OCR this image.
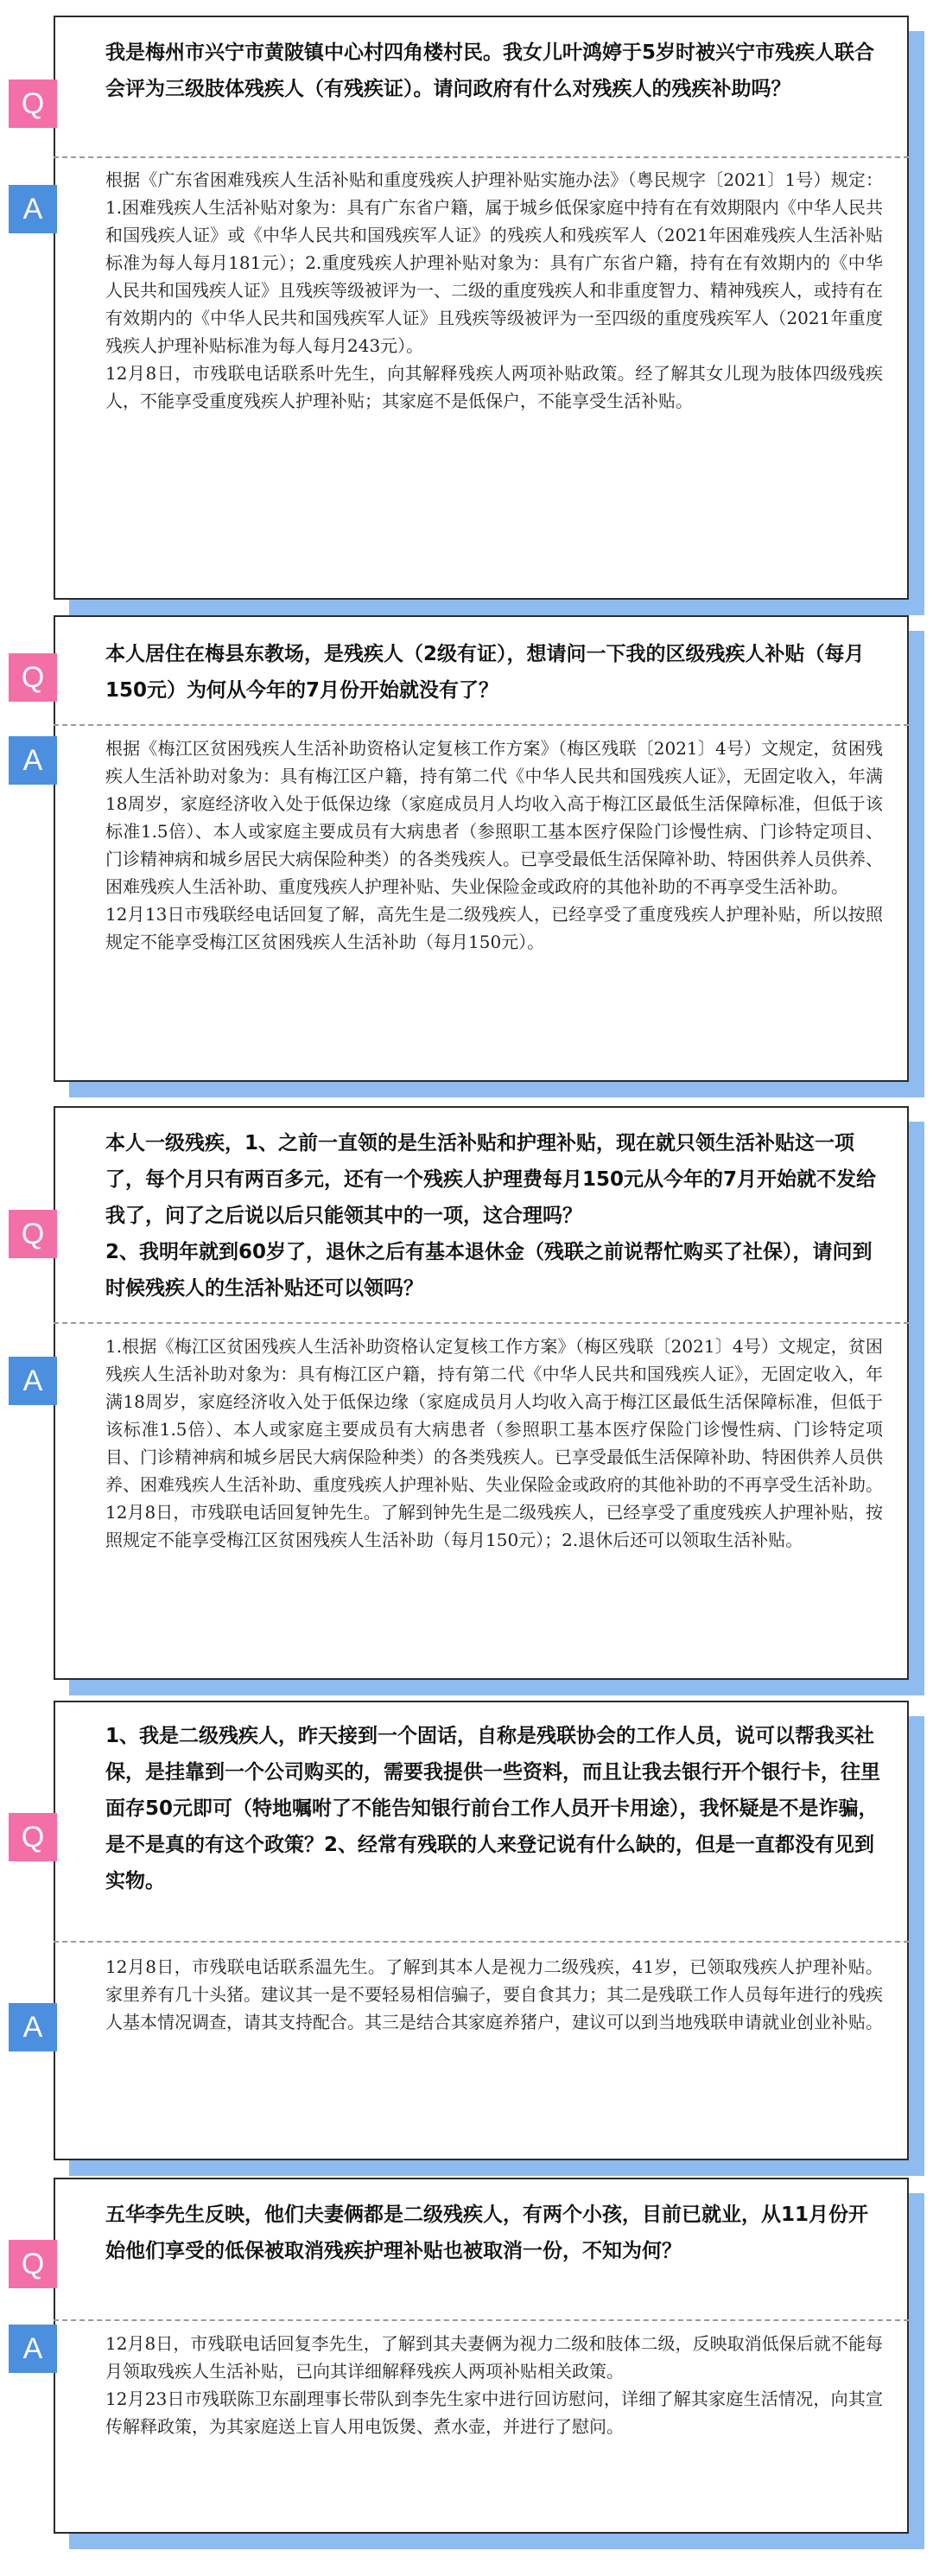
Q
我是梅州市兴宁市黄陂镇中心村四角楼村民。我女儿叶鸿婷于5岁时被兴宁市残疾人联合会评为三级肢体残疾人（有残疾证）。请问政府有什么对残疾人的残疾补助吗？
A

根据《广东省困难残疾人生活补贴和重度残疾人护理补贴实施办法》（粤民规字〔2021〕1号）规定：1.困难残疾人生活补贴对象为：具有广东省户籍，属于城乡低保家庭中持有在有效期限内《中华人民共和国残疾人证》或《中华人民共和国残疾军人证》的残疾人和残疾军人（2021年困难残疾人生活补贴标准为每人每月181元）；2.重度残疾人护理补贴对象为：具有广东省户籍，持有在有效期内的《中华人民共和国残疾人证》且残疾等级被评为一、二级的重度残疾人和非重度智力、精神残疾人，或持有在有效期内的《中华人民共和国残疾军人证》且残疾等级被评为一至四级的重度残疾军人（2021年重度残疾人护理补贴标准为每人每月243元）。

12月8日，市残联电话联系叶先生，向其解释残疾人两项补贴政策。经了解其女儿现为肢体四级残疾人，不能享受重度残疾人护理补贴；其家庭不是低保户，不能享受生活补贴。

Q
本人居住在梅县东教场，是残疾人（2级有证），想请问一下我的区级残疾人补贴（每月150元）为何从今年的7月份开始就没有了？
A	根据《梅江区贫困残疾人生活补助资格认定复核工作方案》（梅区残联〔2021〕4号）文规定，贫困残疾人生活补助对象为：具有梅江区户籍，持有第二代《中华人民共和国残疾人证》，无固定收入，年满18周岁，家庭经济收入处于低保边缘（家庭成员月人均收入高于梅江区最低生活保障标准，但低于该标准1.5倍）、本人或家庭主要成员有大病患者（参照职工基本医疗保险门诊慢性病、门诊特定项目、门诊精神病和城乡居民大病保险种类）的各类残疾人。已享受最低生活保障补助、特困供养人员供养、困难残疾人生活补助、重度残疾人护理补贴、失业保险金或政府的其他补助的不再享受生活补助。

12月13日市残联经电话回复了解，高先生是二级残疾人，已经享受了重度残疾人护理补贴，所以按照规定不能享受梅江区贫困残疾人生活补助（每月150元）。

Q
本人一级残疾，1、之前一直领的是生活补贴和护理补贴，现在就只领生活补贴这一项了，每个月只有两百多元，还有一个残疾人护理费每月150元从今年的7月开始就不发给我了，问了之后说以后只能领其中的一项，这合理吗？
2、我明年就到60岁了，退休之后有基本退休金（残联之前说帮忙购买了社保），请问到时候残疾人的生活补贴还可以领吗？
A

1.根据《梅江区贫困残疾人生活补助资格认定复核工作方案》（梅区残联〔2021〕4号）文规定，贫困残疾人生活补助对象为：具有梅江区户籍，持有第二代《中华人民共和国残疾人证》，无固定收入，年满18周岁，家庭经济收入处于低保边缘（家庭成员月人均收入高于梅江区最低生活保障标准，但低于该标准1.5倍）、本人或家庭主要成员有大病患者（参照职工基本医疗保险门诊慢性病、门诊特定项目、门诊精神病和城乡居民大病保险种类）的各类残疾人。已享受最低生活保障补助、特困供养人员供养、困难残疾人生活补助、重度残疾人护理补贴、失业保险金或政府的其他补助的不再享受生活补助。

12月8日，市残联电话回复钟先生。了解到钟先生是二级残疾人，已经享受了重度残疾人护理补贴，按照规定不能享受梅江区贫困残疾人生活补助（每月150元）；2.退休后还可以领取生活补贴。

Q
1、我是二级残疾人，昨天接到一个固话，自称是残联协会的工作人员，说可以帮我买社保，是挂靠到一个公司购买的，需要我提供一些资料，而且让我去银行开个银行卡，往里面存50元即可（特地嘱咐了不能告知银行前台工作人员开卡用途），我怀疑是不是诈骗，是不是真的有这个政策？2、经常有残联的人来登记说有什么缺的，但是一直都没有见到实物。
A

12月8日，市残联电话联系温先生。了解到其本人是视力二级残疾，41岁，已领取残疾人护理补贴。家里养有几十头猪。建议其一是不要轻易相信骗子，要自食其力；其二是残联工作人员每年进行的残疾人基本情况调查，请其支持配合。其三是结合其家庭养猪户，建议可以到当地残联申请就业创业补贴。

Q
五华李先生反映，他们夫妻俩都是二级残疾人，有两个小孩，目前已就业，从11月份开始他们享受的低保被取消残疾护理补贴也被取消一份，不知为何？
A	12月8日，市残联电话回复李先生，了解到其夫妻俩为视力二级和肢体二级，反映取消低保后就不能每月领取残疾人生活补贴，已向其详细解释残疾人两项补贴相关政策。

12月23日市残联陈卫东副理事长带队到李先生家中进行回访慰问，详细了解其家庭生活情况，向其宣传解释政策，为其家庭送上盲人用电饭煲、煮水壶，并进行了慰问。
